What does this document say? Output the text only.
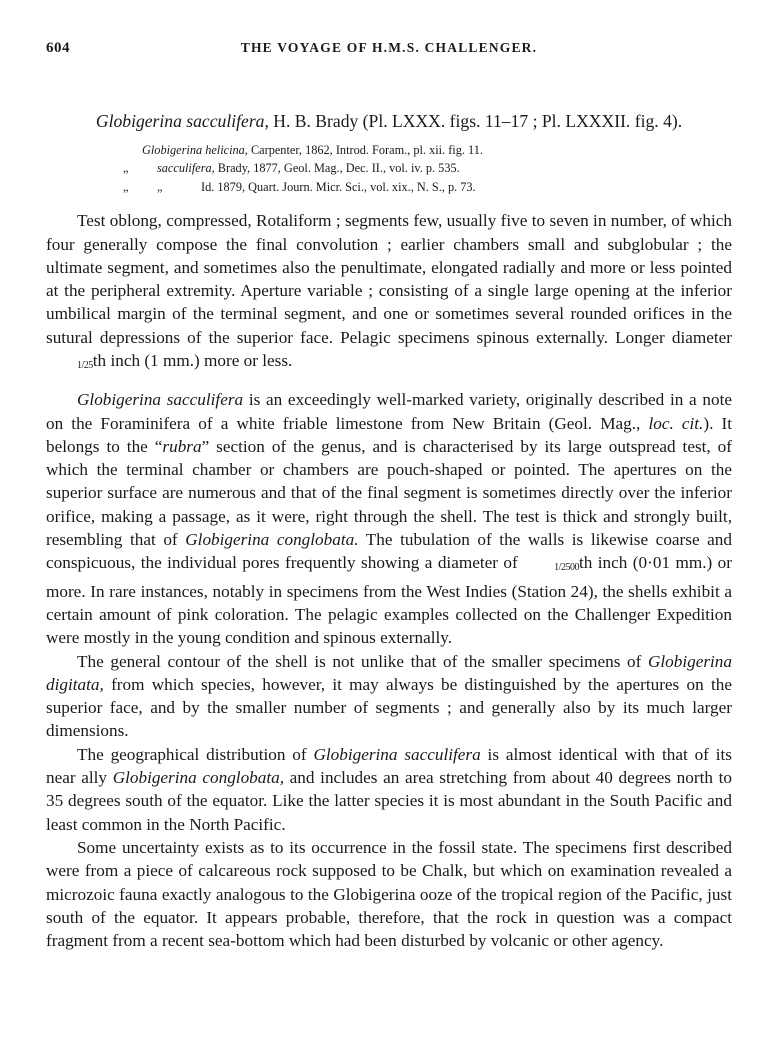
604	THE VOYAGE OF H.M.S. CHALLENGER.
Globigerina sacculifera, H. B. Brady (Pl. LXXX. figs. 11–17 ; Pl. LXXXII. fig. 4).
Globigerina helicina, Carpenter, 1862, Introd. Foram., pl. xii. fig. 11.
„	sacculifera, Brady, 1877, Geol. Mag., Dec. II., vol. iv. p. 535.
„	„	Id. 1879, Quart. Journ. Micr. Sci., vol. xix., N. S., p. 73.

Test oblong, compressed, Rotaliform ; segments few, usually five to seven in number, of which four generally compose the final convolution ; earlier chambers small and subglobular ; the ultimate segment, and sometimes also the penultimate, elongated radially and more or less pointed at the peripheral extremity. Aperture variable ; consisting of a single large opening at the inferior umbilical margin of the terminal segment, and one or sometimes several rounded orifices in the sutural depressions of the superior face. Pelagic specimens spinous externally. Longer diameter 1/25th inch (1 mm.) more or less.

Globigerina sacculifera is an exceedingly well-marked variety, originally described in a note on the Foraminifera of a white friable limestone from New Britain (Geol. Mag., loc. cit.). It belongs to the “rubra” section of the genus, and is characterised by its large outspread test, of which the terminal chamber or chambers are pouch-shaped or pointed. The apertures on the superior surface are numerous and that of the final segment is sometimes directly over the inferior orifice, making a passage, as it were, right through the shell. The test is thick and strongly built, resembling that of Globigerina conglobata. The tubulation of the walls is likewise coarse and conspicuous, the individual pores frequently showing a diameter of	1/2500th inch (0·01 mm.) or more. In rare instances, notably in specimens from the West Indies (Station 24), the shells exhibit a certain amount of pink coloration. The pelagic examples collected on the Challenger Expedition were mostly in the young condition and spinous externally.

The general contour of the shell is not unlike that of the smaller specimens of Globigerina digitata, from which species, however, it may always be distinguished by the apertures on the superior face, and by the smaller number of segments ; and generally also by its much larger dimensions.

The geographical distribution of Globigerina sacculifera is almost identical with that of its near ally Globigerina conglobata, and includes an area stretching from about 40 degrees north to 35 degrees south of the equator. Like the latter species it is most abundant in the South Pacific and least common in the North Pacific.

Some uncertainty exists as to its occurrence in the fossil state. The specimens first described were from a piece of calcareous rock supposed to be Chalk, but which on examination revealed a microzoic fauna exactly analogous to the Globigerina ooze of the tropical region of the Pacific, just south of the equator. It appears probable, therefore, that the rock in question was a compact fragment from a recent sea-bottom which had been disturbed by volcanic or other agency.
